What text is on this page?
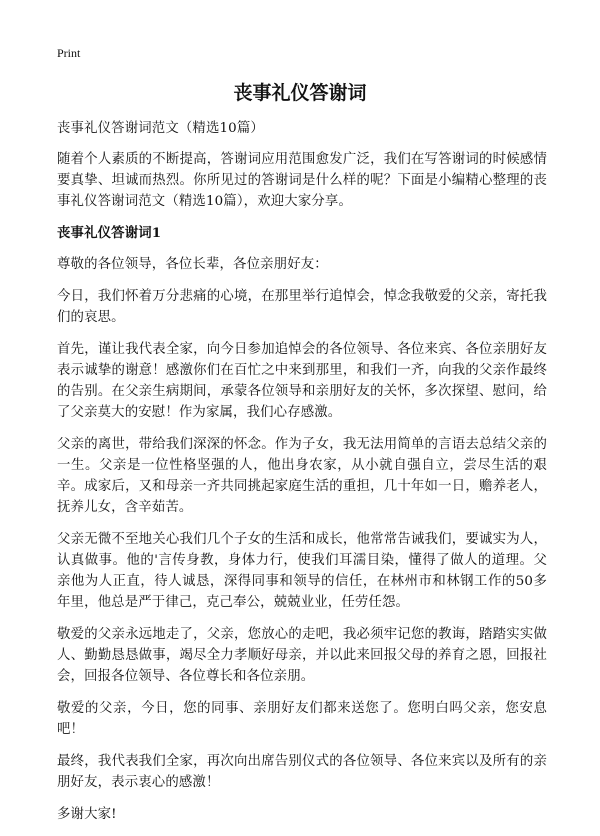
Print
丧事礼仪答谢词

丧事礼仪答谢词范文（精选10篇）

随着个人素质的不断提高，答谢词应用范围愈发广泛，我们在写答谢词的时候感情要真挚、坦诚而热烈。你所见过的答谢词是什么样的呢？下面是小编精心整理的丧事礼仪答谢词范文（精选10篇），欢迎大家分享。

丧事礼仪答谢词1

尊敬的各位领导，各位长辈，各位亲朋好友：

今日，我们怀着万分悲痛的心境，在那里举行追悼会，悼念我敬爱的父亲，寄托我们的哀思。

首先，谨让我代表全家，向今日参加追悼会的各位领导、各位来宾、各位亲朋好友表示诚挚的谢意！感激你们在百忙之中来到那里，和我们一齐，向我的父亲作最终的告别。在父亲生病期间，承蒙各位领导和亲朋好友的关怀，多次探望、慰问，给了父亲莫大的安慰！作为家属，我们心存感激。

父亲的离世，带给我们深深的怀念。作为子女，我无法用简单的言语去总结父亲的一生。父亲是一位性格坚强的人，他出身农家，从小就自强自立，尝尽生活的艰辛。成家后，又和母亲一齐共同挑起家庭生活的重担，几十年如一日，赡养老人，抚养儿女，含辛茹苦。

父亲无微不至地关心我们几个子女的生活和成长，他常常告诫我们，要诚实为人，认真做事。他的'言传身教，身体力行，使我们耳濡目染，懂得了做人的道理。父亲他为人正直，待人诚恳，深得同事和领导的信任，在林州市和林钢工作的50多年里，他总是严于律己，克己奉公，兢兢业业，任劳任怨。

敬爱的父亲永远地走了，父亲，您放心的走吧，我必须牢记您的教诲，踏踏实实做人、勤勤恳恳做事，竭尽全力孝顺好母亲，并以此来回报父母的养育之恩，回报社会，回报各位领导、各位尊长和各位亲朋。

敬爱的父亲，今日，您的同事、亲朋好友们都来送您了。您明白吗父亲，您安息吧！

最终，我代表我们全家，再次向出席告别仪式的各位领导、各位来宾以及所有的亲朋好友，表示衷心的感激！

多谢大家!
